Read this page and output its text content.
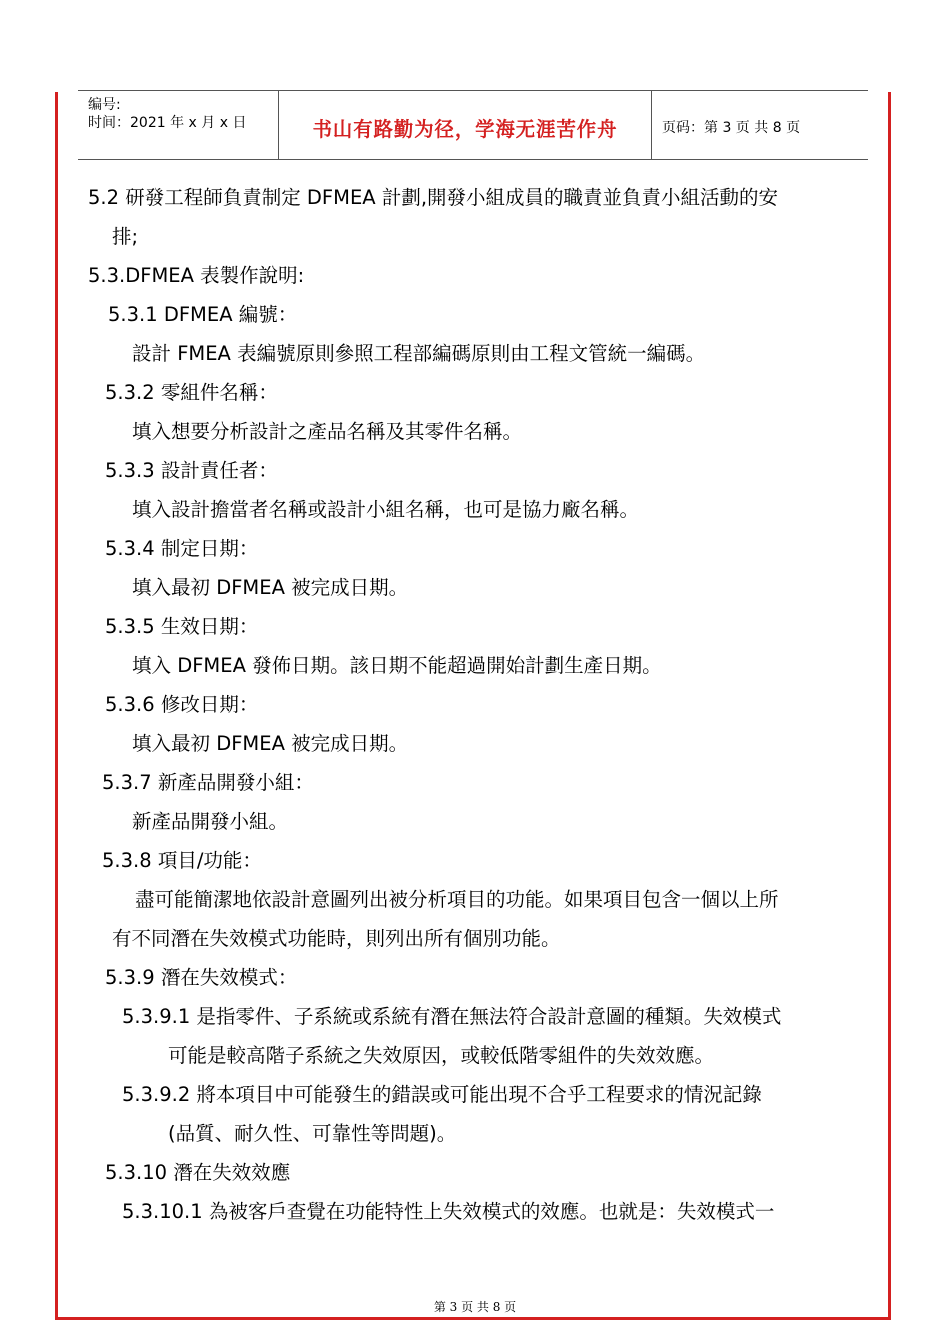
编号:
时间：2021 年 x 月 x 日	书山有路勤为径，学海无涯苦作舟	页码：第 3 页 共 8 页
5.2 研發工程師負責制定 DFMEA 計劃,開發小組成員的職責並負責小組活動的安
排;
5.3.DFMEA 表製作說明:
5.3.1 DFMEA 編號：
設計 FMEA 表編號原則參照工程部編碼原則由工程文管統一編碼。
5.3.2 零組件名稱：
填入想要分析設計之產品名稱及其零件名稱。
5.3.3 設計責任者：
填入設計擔當者名稱或設計小組名稱，也可是協力廠名稱。
5.3.4 制定日期：
填入最初 DFMEA 被完成日期。
5.3.5 生效日期：
填入 DFMEA 發佈日期。該日期不能超過開始計劃生產日期。
5.3.6 修改日期：
填入最初 DFMEA 被完成日期。
5.3.7 新產品開發小組：
新產品開發小組。
5.3.8 項目/功能：
盡可能簡潔地依設計意圖列出被分析項目的功能。如果項目包含一個以上所
有不同潛在失效模式功能時，則列出所有個別功能。
5.3.9 潛在失效模式：
5.3.9.1 是指零件、子系統或系統有潛在無法符合設計意圖的種類。失效模式
可能是較高階子系統之失效原因，或較低階零組件的失效效應。
5.3.9.2 將本項目中可能發生的錯誤或可能出現不合乎工程要求的情況記錄
(品質、耐久性、可靠性等問題)。
5.3.10 潛在失效效應
5.3.10.1 為被客戶查覺在功能特性上失效模式的效應。也就是：失效模式一
第 3 页 共 8 页
